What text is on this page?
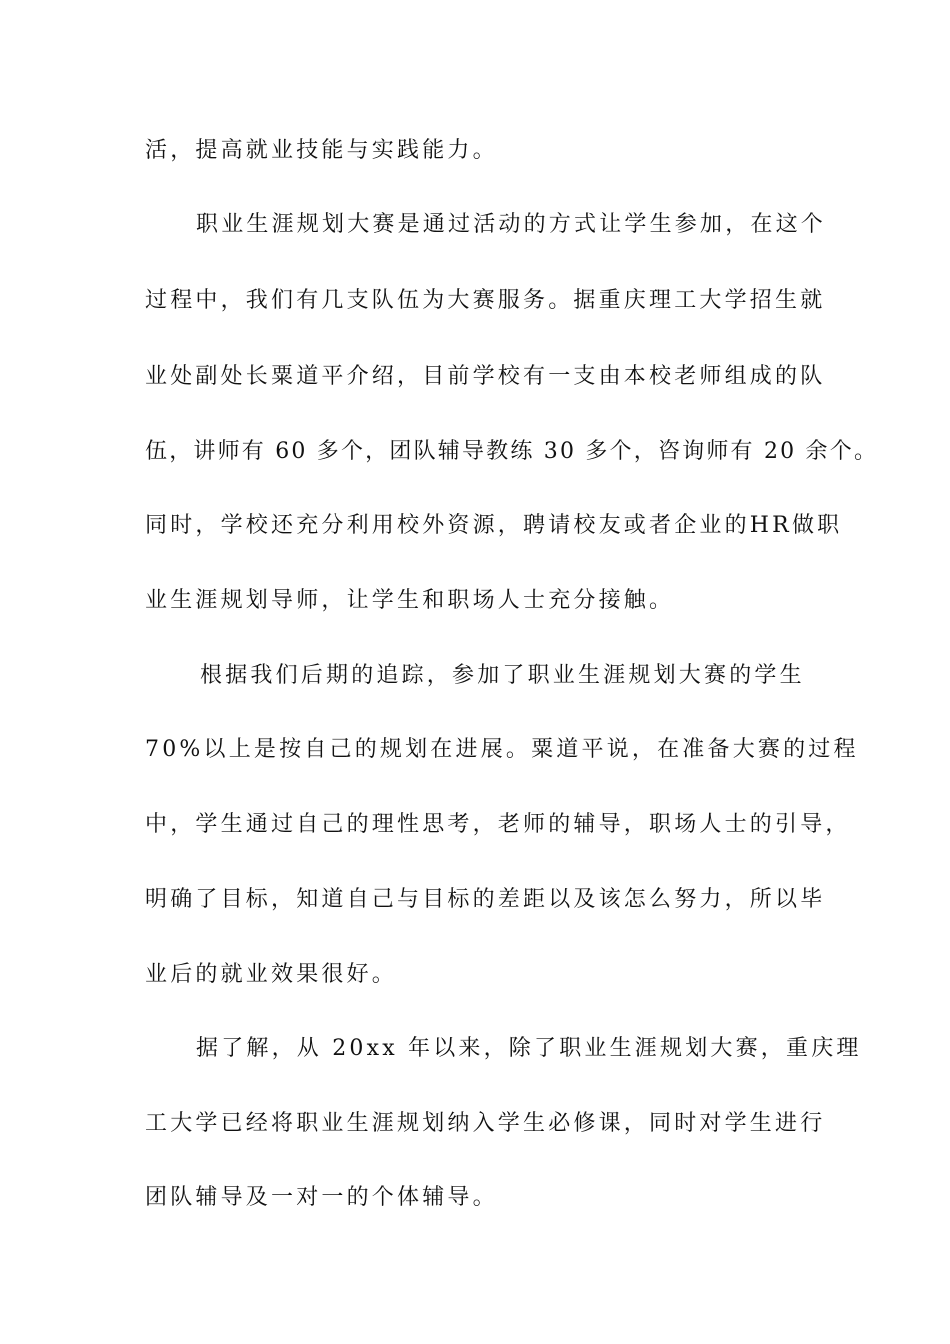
活，提高就业技能与实践能力。
职业生涯规划大赛是通过活动的方式让学生参加，在这个
过程中，我们有几支队伍为大赛服务。据重庆理工大学招生就
业处副处长粟道平介绍，目前学校有一支由本校老师组成的队
伍，讲师有 60 多个，团队辅导教练 30 多个，咨询师有 20 余个。
同时，学校还充分利用校外资源，聘请校友或者企业的HR做职
业生涯规划导师，让学生和职场人士充分接触。
根据我们后期的追踪，参加了职业生涯规划大赛的学生
70%以上是按自己的规划在进展。粟道平说，在准备大赛的过程
中，学生通过自己的理性思考，老师的辅导，职场人士的引导，
明确了目标，知道自己与目标的差距以及该怎么努力，所以毕
业后的就业效果很好。
据了解，从 20xx 年以来，除了职业生涯规划大赛，重庆理
工大学已经将职业生涯规划纳入学生必修课，同时对学生进行
团队辅导及一对一的个体辅导。
